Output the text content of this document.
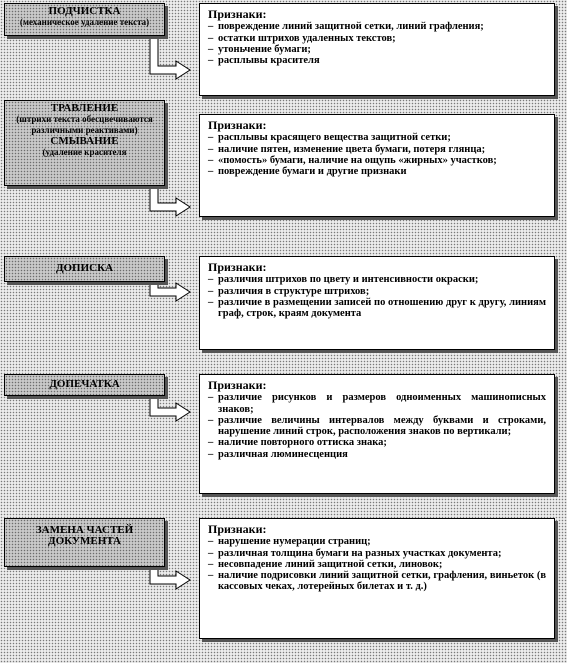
ПОДЧИСТКА
(механическое удаление текста)
Признаки:
– повреждение линий защитной сетки, линий графления;
– остатки штрихов удаленных текстов;
– утоньчение бумаги;
– расплывы красителя
ТРАВЛЕНИЕ
(штрихи текста обесцвечиваются различными реактивами)
СМЫВАНИЕ
(удаление красителя
Признаки:
– расплывы красящего вещества защитной сетки;
– наличие пятен, изменение цвета бумаги, потеря глянца;
– «помость» бумаги, наличие на ощупь «жирных» участков;
– повреждение бумаги и другие признаки
ДОПИСКА	Признаки:
– различия штрихов по цвету и интенсивности окраски;
– различия в структуре штрихов;
– различие в размещении записей по отношению друг к другу, линиям граф, строк, краям документа
ДОПЕЧАТКА	Признаки:
– различие рисунков и размеров одноименных машинописных знаков;
– различие величины интервалов между буквами и строками, нарушение линий строк, расположения знаков по вертикали;
– наличие повторного оттиска знака;
– различная люминесценция
ЗАМЕНА ЧАСТЕЙ ДОКУМЕНТА
Признаки:
– нарушение нумерации страниц;
– различная толщина бумаги на разных участках документа;
– несовпадение линий защитной сетки, линовок;
– наличие подрисовки линий защитной сетки, графления, виньеток (в кассовых чеках, лотерейных билетах и т. д.)
